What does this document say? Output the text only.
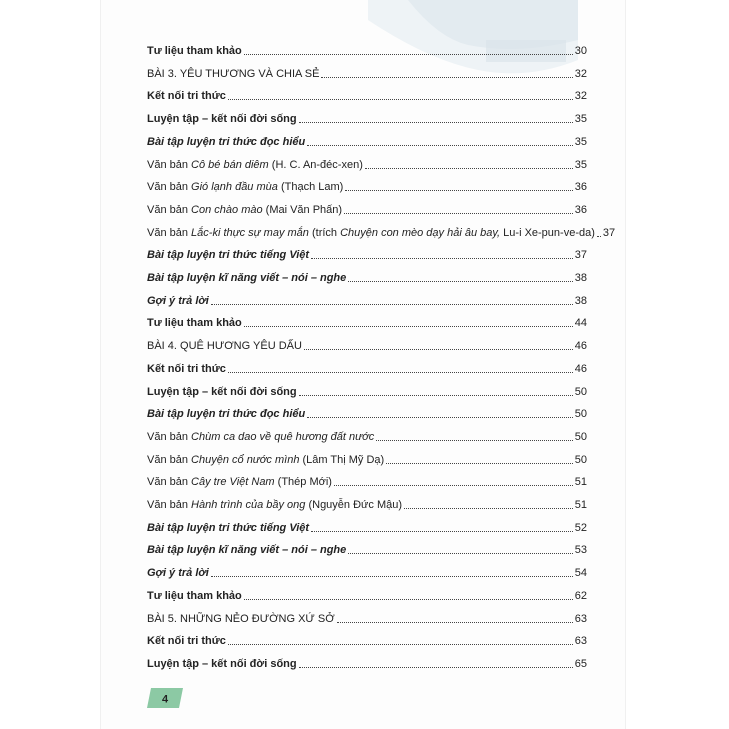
Tư liệu tham khảo	30
BÀI 3. YÊU THƯƠNG VÀ CHIA SẺ	32
Kết nối tri thức	32
Luyện tập – kết nối đời sống	35
Bài tập luyện tri thức đọc hiểu	35
Văn bản Cô bé bán diêm (H. C. An-đéc-xen)	35
Văn bản Gió lạnh đầu mùa (Thạch Lam)	36
Văn bản Con chào mào (Mai Văn Phấn)	36
Văn bản Lắc-ki thực sự may mắn (trích Chuyện con mèo dạy hải âu bay, Lu-i Xe-pun-ve-da) 37
Bài tập luyện tri thức tiếng Việt	37
Bài tập luyện kĩ năng viết – nói – nghe	38
Gợi ý trả lời	38
Tư liệu tham khảo	44
BÀI 4. QUÊ HƯƠNG YÊU DẤU	46
Kết nối tri thức	46
Luyện tập – kết nối đời sống	50
Bài tập luyện tri thức đọc hiểu	50
Văn bản Chùm ca dao về quê hương đất nước	50
Văn bản Chuyện cổ nước mình (Lâm Thị Mỹ Dạ)	50
Văn bản Cây tre Việt Nam (Thép Mới)	51
Văn bản Hành trình của bầy ong (Nguyễn Đức Mậu)	51
Bài tập luyện tri thức tiếng Việt	52
Bài tập luyện kĩ năng viết – nói – nghe	53
Gợi ý trả lời	54
Tư liệu tham khảo	62
BÀI 5. NHỮNG NẺO ĐƯỜNG XỨ SỞ	63
Kết nối tri thức	63
Luyện tập – kết nối đời sống	65
4
